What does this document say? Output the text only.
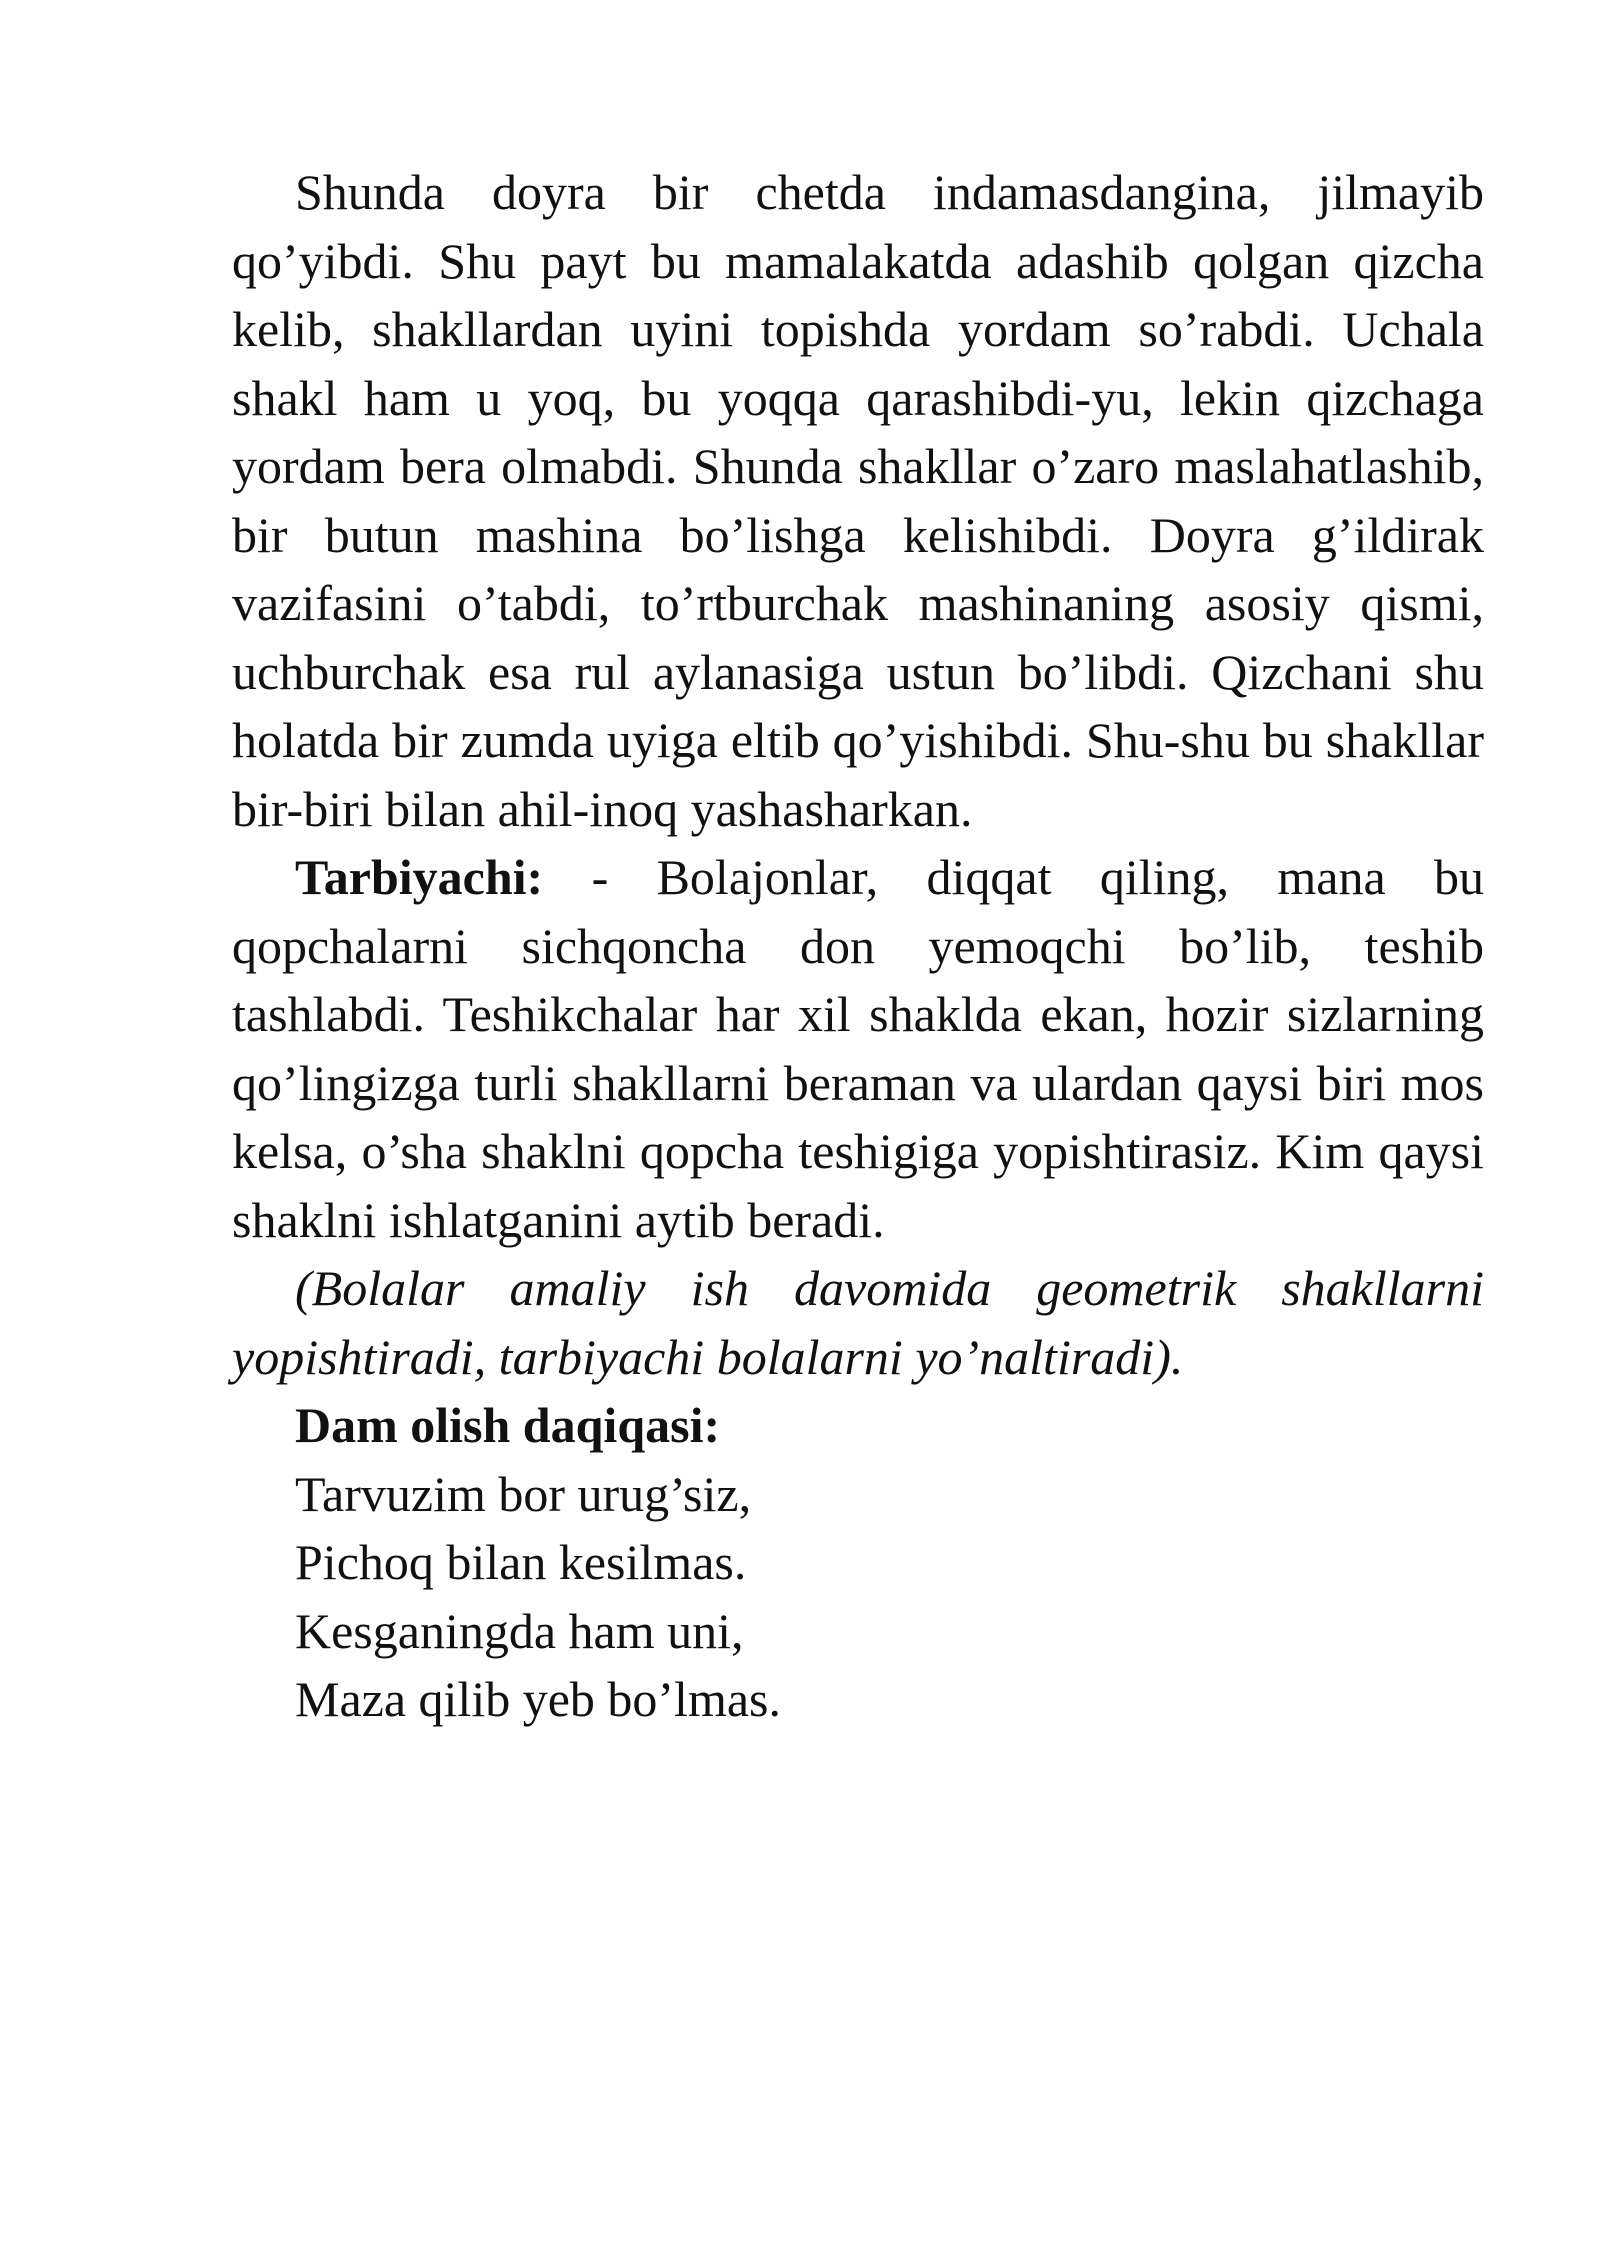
Shunda doyra bir chetda indamasdangina, jilmayib qo’yibdi. Shu payt bu mamalakatda adashib qolgan qizcha kelib, shakllardan uyini topishda yordam so’rabdi. Uchala shakl ham u yoq, bu yoqqa qarashibdi-yu, lekin qizchaga yordam bera olmabdi. Shunda shakllar o’zaro maslahatlashib, bir butun mashina bo’lishga kelishibdi. Doyra g’ildirak vazifasini o’tabdi, to’rtburchak mashinaning asosiy qismi, uchburchak esa rul aylanasiga ustun bo’libdi. Qizchani shu holatda bir zumda uyiga eltib qo’yishibdi. Shu-shu bu shakllar bir-biri bilan ahil-inoq yashasharkan.

Tarbiyachi: - Bolajonlar, diqqat qiling, mana bu qopchalarni sichqoncha don yemoqchi bo’lib, teshib tashlabdi. Teshikchalar har xil shaklda ekan, hozir sizlarning qo’lingizga turli shakllarni beraman va ulardan qaysi biri mos kelsa, o’sha shaklni qopcha teshigiga yopishtirasiz. Kim qaysi shaklni ishlatganini aytib beradi.

(Bolalar amaliy ish davomida geometrik shakllarni yopishtiradi, tarbiyachi bolalarni yo’naltiradi).

Dam olish daqiqasi:

Tarvuzim bor urug’siz,
Pichoq bilan kesilmas.
Kesganingda ham uni,
Maza qilib yeb bo’lmas.
